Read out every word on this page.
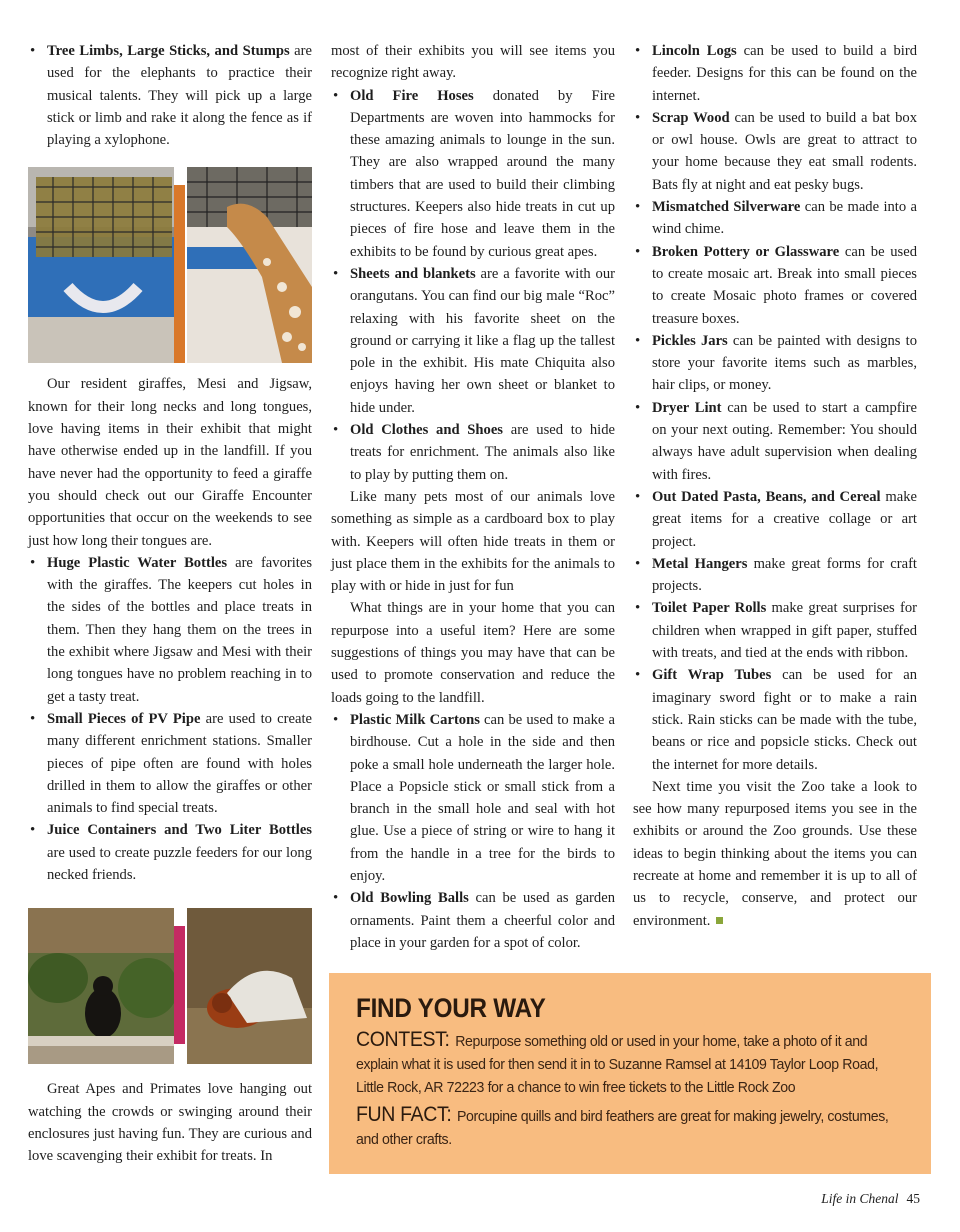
• Tree Limbs, Large Sticks, and Stumps are used for the elephants to practice their musical talents. They will pick up a large stick or limb and rake it along the fence as if playing a xylophone.

Our resident giraffes, Mesi and Jigsaw, known for their long necks and long tongues, love having items in their exhibit that might have otherwise ended up in the landfill. If you have never had the opportunity to feed a giraffe you should check out our Giraffe Encounter opportunities that occur on the weekends to see just how long their tongues are.

• Huge Plastic Water Bottles are favorites with the giraffes. The keepers cut holes in the sides of the bottles and place treats in them. Then they hang them on the trees in the exhibit where Jigsaw and Mesi with their long tongues have no problem reaching in to get a tasty treat.
• Small Pieces of PV Pipe are used to create many different enrichment stations. Smaller pieces of pipe often are found with holes drilled in them to allow the giraffes or other animals to find special treats.
• Juice Containers and Two Liter Bottles are used to create puzzle feeders for our long necked friends.

Great Apes and Primates love hanging out watching the crowds or swinging around their enclosures just having fun. They are curious and love scavenging their exhibit for treats. In

most of their exhibits you will see items you recognize right away.

• Old Fire Hoses donated by Fire Departments are woven into hammocks for these amazing animals to lounge in the sun. They are also wrapped around the many timbers that are used to build their climbing structures. Keepers also hide treats in cut up pieces of fire hose and leave them in the exhibits to be found by curious great apes.
• Sheets and blankets are a favorite with our orangutans. You can find our big male “Roc” relaxing with his favorite sheet on the ground or carrying it like a flag up the tallest pole in the exhibit. His mate Chiquita also enjoys having her own sheet or blanket to hide under.
• Old Clothes and Shoes are used to hide treats for enrichment. The animals also like to play by putting them on.

Like many pets most of our animals love something as simple as a cardboard box to play with. Keepers will often hide treats in them or just place them in the exhibits for the animals to play with or hide in just for fun

What things are in your home that you can repurpose into a useful item? Here are some suggestions of things you may have that can be used to promote conservation and reduce the loads going to the landfill.

• Plastic Milk Cartons can be used to make a birdhouse. Cut a hole in the side and then poke a small hole underneath the larger hole. Place a Popsicle stick or small stick from a branch in the small hole and seal with hot glue. Use a piece of string or wire to hang it from the handle in a tree for the birds to enjoy.
• Old Bowling Balls can be used as garden ornaments. Paint them a cheerful color and place in your garden for a spot of color.
• Lincoln Logs can be used to build a bird feeder. Designs for this can be found on the internet.
• Scrap Wood can be used to build a bat box or owl house. Owls are great to attract to your home because they eat small rodents. Bats fly at night and eat pesky bugs.
• Mismatched Silverware can be made into a wind chime.
• Broken Pottery or Glassware can be used to create mosaic art. Break into small pieces to create Mosaic photo frames or covered treasure boxes.
• Pickles Jars can be painted with designs to store your favorite items such as marbles, hair clips, or money.
• Dryer Lint can be used to start a campfire on your next outing. Remember: You should always have adult supervision when dealing with fires.
• Out Dated Pasta, Beans, and Cereal make great items for a creative collage or art project.
• Metal Hangers make great forms for craft projects.
• Toilet Paper Rolls make great surprises for children when wrapped in gift paper, stuffed with treats, and tied at the ends with ribbon.
• Gift Wrap Tubes can be used for an imaginary sword fight or to make a rain stick. Rain sticks can be made with the tube, beans or rice and popsicle sticks. Check out the internet for more details.

Next time you visit the Zoo take a look to see how many repurposed items you see in the exhibits or around the Zoo grounds. Use these ideas to begin thinking about the items you can recreate at home and remember it is up to all of us to recycle, conserve, and protect our environment.

FIND YOUR WAY

CONTEST: Repurpose something old or used in your home, take a photo of it and explain what it is used for then send it in to Suzanne Ramsel at 14109 Taylor Loop Road, Little Rock, AR 72223 for a chance to win free tickets to the Little Rock Zoo

FUN FACT: Porcupine quills and bird feathers are great for making jewelry, costumes, and other crafts.

Life in Chenal 45
